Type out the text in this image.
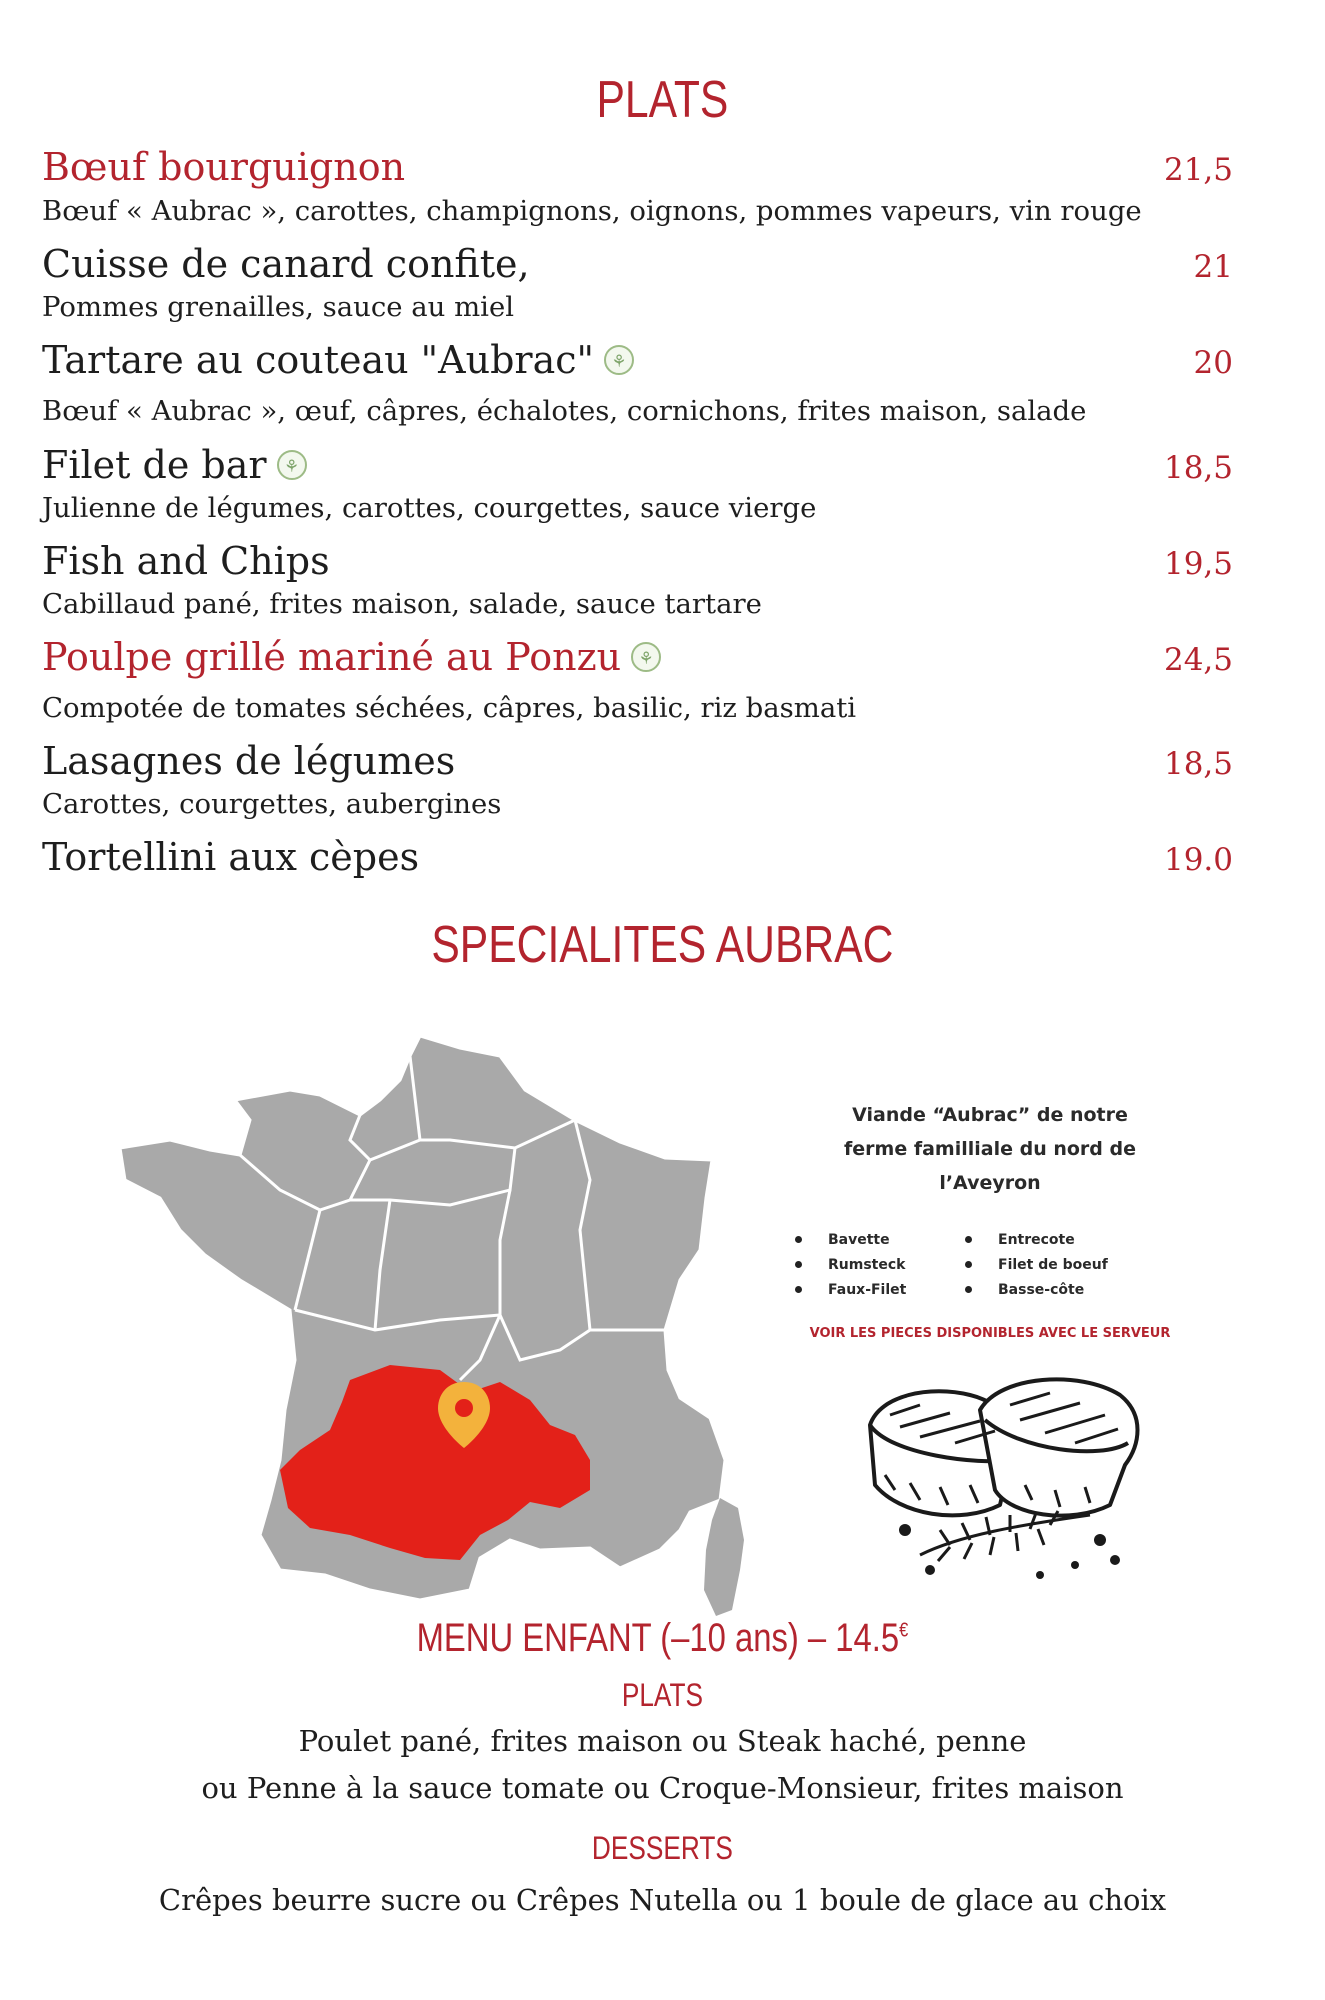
PLATS
Bœuf bourguignon	21,5
Bœuf « Aubrac », carottes, champignons, oignons, pommes vapeurs, vin rouge
Cuisse de canard confite,	21
Pommes grenailles, sauce au miel
Tartare au couteau "Aubrac" ⚘	20
Bœuf « Aubrac », œuf, câpres, échalotes, cornichons, frites maison, salade
Filet de bar ⚘	18,5
Julienne de légumes, carottes, courgettes, sauce vierge
Fish and Chips	19,5
Cabillaud pané, frites maison, salade, sauce tartare
Poulpe grillé mariné au Ponzu ⚘	24,5
Compotée de tomates séchées, câpres, basilic, riz basmati
Lasagnes de légumes	18,5
Carottes, courgettes, aubergines
Tortellini aux cèpes	19.0
SPECIALITES AUBRAC
Viande “Aubrac” de notre
ferme familliale du nord de
l’Aveyron
Bavette
Rumsteck
Faux-Filet
Entrecote
Filet de boeuf
Basse-côte
VOIR LES PIECES DISPONIBLES AVEC LE SERVEUR
MENU ENFANT (–10 ans) – 14.5€
PLATS
Poulet pané, frites maison ou Steak haché, penne
ou Penne à la sauce tomate ou Croque-Monsieur, frites maison
DESSERTS
Crêpes beurre sucre ou Crêpes Nutella ou 1 boule de glace au choix
